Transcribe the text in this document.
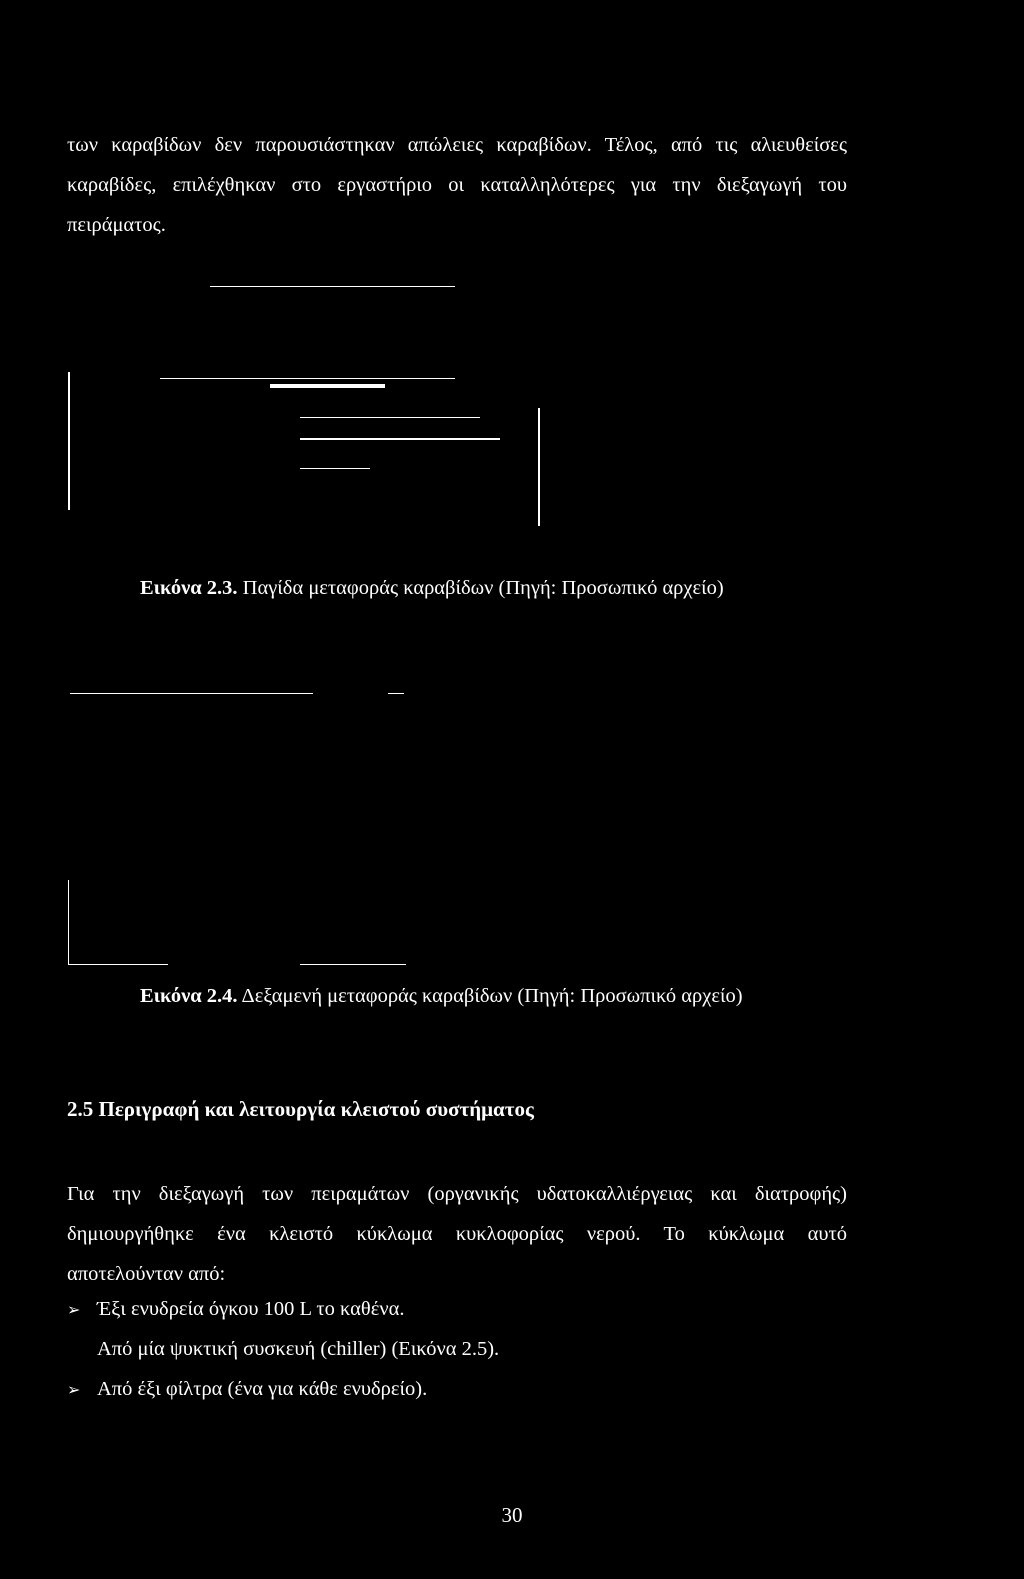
των καραβίδων δεν παρουσιάστηκαν απώλειες καραβίδων. Τέλος, από τις αλιευθείσες
καραβίδες, επιλέχθηκαν στο εργαστήριο οι καταλληλότερες για την διεξαγωγή του
πειράματος.
Εικόνα 2.3. Παγίδα μεταφοράς καραβίδων (Πηγή: Προσωπικό αρχείο)
Εικόνα 2.4. Δεξαμενή μεταφοράς καραβίδων (Πηγή: Προσωπικό αρχείο)
2.5 Περιγραφή και λειτουργία κλειστού συστήματος
Για την διεξαγωγή των πειραμάτων (οργανικής υδατοκαλλιέργειας και διατροφής)
δημιουργήθηκε ένα κλειστό κύκλωμα κυκλοφορίας νερού. Το κύκλωμα αυτό
αποτελούνταν από:
➢ Έξι ενυδρεία όγκου 100 L το καθένα.
Από μία ψυκτική συσκευή (chiller) (Εικόνα 2.5).
➢ Από έξι φίλτρα (ένα για κάθε ενυδρείο).
30
